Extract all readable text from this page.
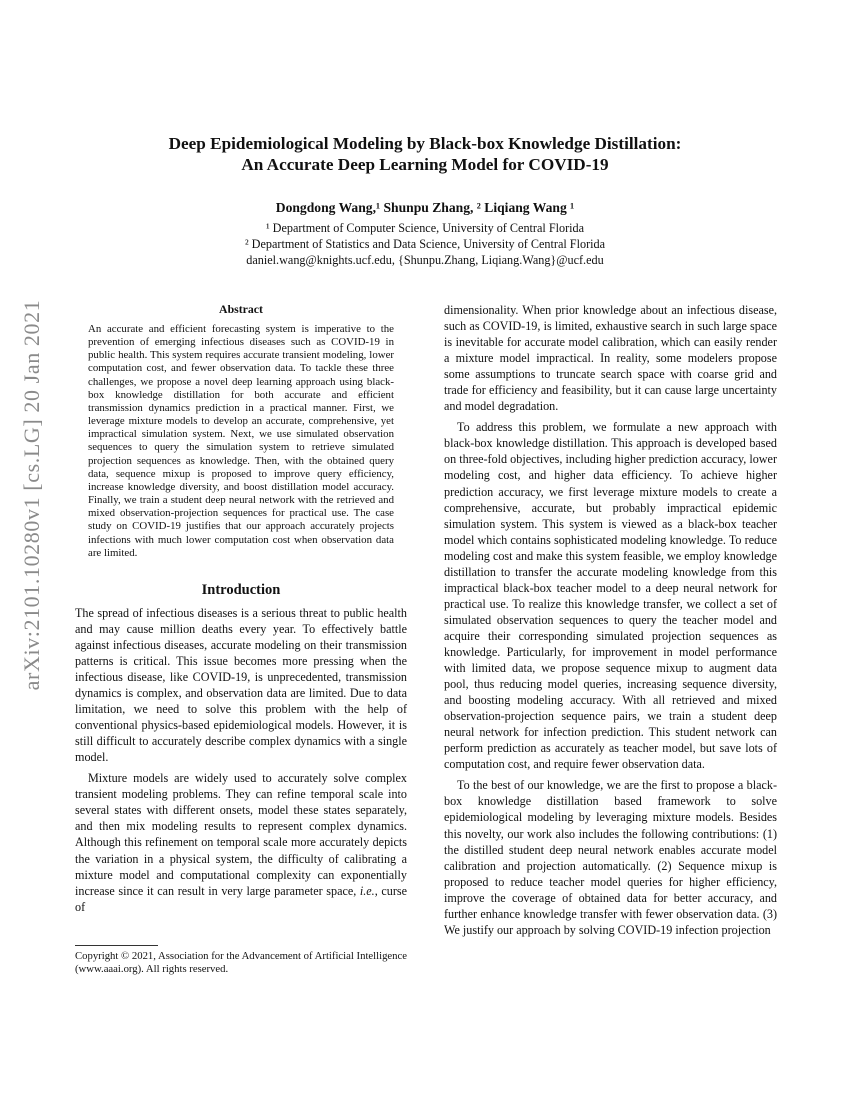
Deep Epidemiological Modeling by Black-box Knowledge Distillation:
An Accurate Deep Learning Model for COVID-19
Dongdong Wang,¹ Shunpu Zhang, ² Liqiang Wang ¹
¹ Department of Computer Science, University of Central Florida
² Department of Statistics and Data Science, University of Central Florida
daniel.wang@knights.ucf.edu, {Shunpu.Zhang, Liqiang.Wang}@ucf.edu
arXiv:2101.10280v1 [cs.LG] 20 Jan 2021	Abstract

An accurate and efficient forecasting system is imperative to the prevention of emerging infectious diseases such as COVID-19 in public health. This system requires accurate transient modeling, lower computation cost, and fewer observation data. To tackle these three challenges, we propose a novel deep learning approach using black-box knowledge distillation for both accurate and efficient transmission dynamics prediction in a practical manner. First, we leverage mixture models to develop an accurate, comprehensive, yet impractical simulation system. Next, we use simulated observation sequences to query the simulation system to retrieve simulated projection sequences as knowledge. Then, with the obtained query data, sequence mixup is proposed to improve query efficiency, increase knowledge diversity, and boost distillation model accuracy. Finally, we train a student deep neural network with the retrieved and mixed observation-projection sequences for practical use. The case study on COVID-19 justifies that our approach accurately projects infections with much lower computation cost when observation data are limited.

Introduction

The spread of infectious diseases is a serious threat to public health and may cause million deaths every year. To effectively battle against infectious diseases, accurate modeling on their transmission patterns is critical. This issue becomes more pressing when the infectious disease, like COVID-19, is unprecedented, transmission dynamics is complex, and observation data are limited. Due to data limitation, we need to solve this problem with the help of conventional physics-based epidemiological models. However, it is still difficult to accurately describe complex dynamics with a single model.

Mixture models are widely used to accurately solve complex transient modeling problems. They can refine temporal scale into several states with different onsets, model these states separately, and then mix modeling results to represent complex dynamics. Although this refinement on temporal scale more accurately depicts the variation in a physical system, the difficulty of calibrating a mixture model and computational complexity can exponentially increase since it can result in very large parameter space, i.e., curse of

dimensionality. When prior knowledge about an infectious disease, such as COVID-19, is limited, exhaustive search in such large space is inevitable for accurate model calibration, which can easily render a mixture model impractical. In reality, some modelers propose some assumptions to truncate search space with coarse grid and trade for efficiency and feasibility, but it can cause large uncertainty and model degradation.

To address this problem, we formulate a new approach with black-box knowledge distillation. This approach is developed based on three-fold objectives, including higher prediction accuracy, lower modeling cost, and higher data efficiency. To achieve higher prediction accuracy, we first leverage mixture models to create a comprehensive, accurate, but probably impractical epidemic simulation system. This system is viewed as a black-box teacher model which contains sophisticated modeling knowledge. To reduce modeling cost and make this system feasible, we employ knowledge distillation to transfer the accurate modeling knowledge from this impractical black-box teacher model to a deep neural network for practical use. To realize this knowledge transfer, we collect a set of simulated observation sequences to query the teacher model and acquire their corresponding simulated projection sequences as knowledge. Particularly, for improvement in model performance with limited data, we propose sequence mixup to augment data pool, thus reducing model queries, increasing sequence diversity, and boosting modeling accuracy. With all retrieved and mixed observation-projection sequence pairs, we train a student deep neural network for infection prediction. This student network can perform prediction as accurately as teacher model, but save lots of computation cost, and require fewer observation data.

To the best of our knowledge, we are the first to propose a black-box knowledge distillation based framework to solve epidemiological modeling by leveraging mixture models. Besides this novelty, our work also includes the following contributions: (1) the distilled student deep neural network enables accurate model calibration and projection automatically. (2) Sequence mixup is proposed to reduce teacher model queries for higher efficiency, improve the coverage of obtained data for better accuracy, and further enhance knowledge transfer with fewer observation data. (3) We justify our approach by solving COVID-19 infection projection

Copyright © 2021, Association for the Advancement of Artificial Intelligence (www.aaai.org). All rights reserved.
